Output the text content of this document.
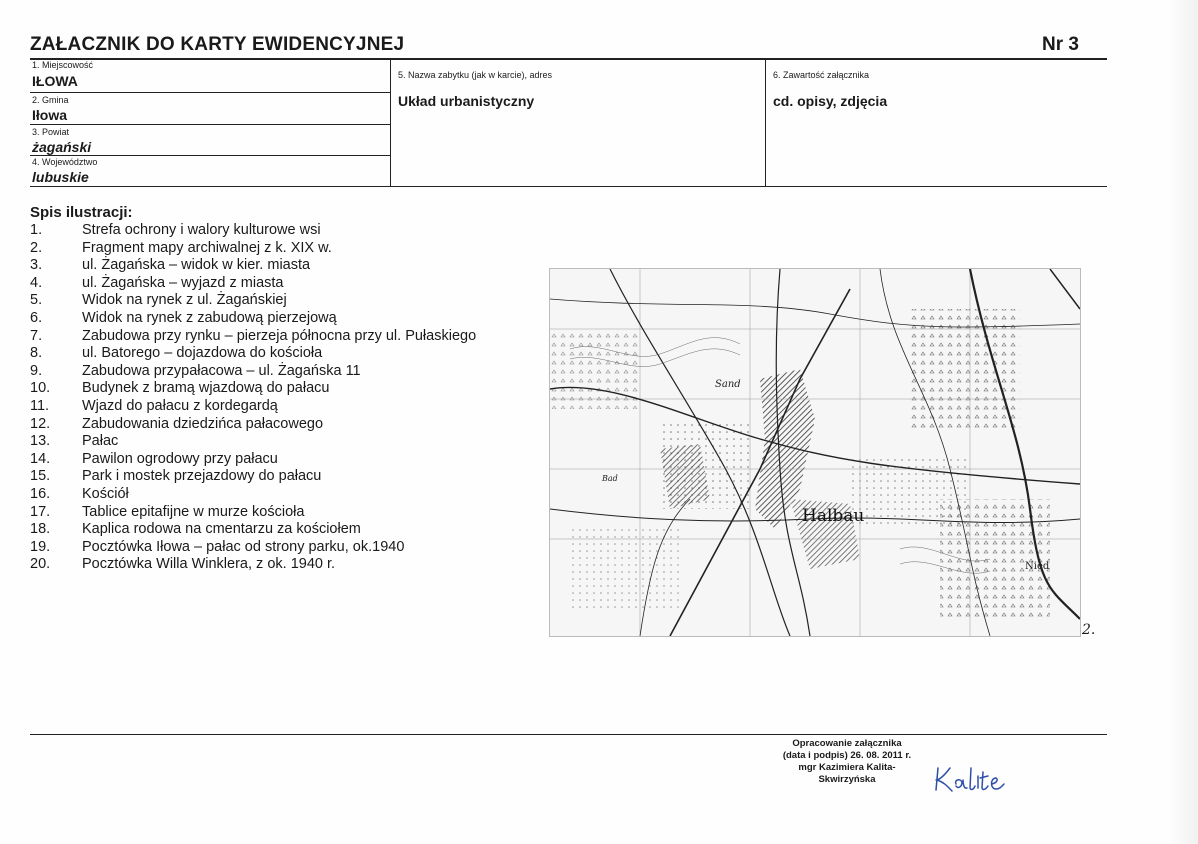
ZAŁACZNIK DO KARTY EWIDENCYJNEJ	Nr 3
1. Miejscowość
IŁOWA
2. Gmina
Iłowa
3. Powiat
żagański
4. Województwo
lubuskie
5. Nazwa zabytku (jak w karcie), adres
Układ urbanistyczny
6. Zawartość załącznika
cd. opisy, zdjęcia
Spis ilustracji:
1.	Strefa ochrony i walory kulturowe wsi
2.	Fragment mapy archiwalnej z k. XIX w.
3.	ul. Żagańska – widok w kier. miasta
4.	ul. Żagańska – wyjazd z miasta
5.	Widok na rynek z ul. Żagańskiej
6.	Widok na rynek z zabudową pierzejową
7.	Zabudowa przy rynku – pierzeja północna przy ul. Pułaskiego
8.	ul. Batorego – dojazdowa do kościoła
9.	Zabudowa przypałacowa – ul. Żagańska 11
10. Budynek z bramą wjazdową do pałacu
11. Wjazd do pałacu z kordegardą
12. Zabudowania dziedzińca pałacowego
13. Pałac
14. Pawilon ogrodowy przy pałacu
15. Park i mostek przejazdowy do pałacu
16. Kościół
17. Tablice epitafijne w murze kościoła
18. Kaplica rodowa na cmentarzu za kościołem
19. Pocztówka Iłowa – pałac od strony parku, ok.1940
20. Pocztówka Willa Winklera, z ok. 1940 r.
Halbau
Sand
Nied
Bad
2.
Opracowanie załącznika
(data i podpis) 26. 08. 2011 r.
mgr Kazimiera Kalita-
Skwirzyńska
